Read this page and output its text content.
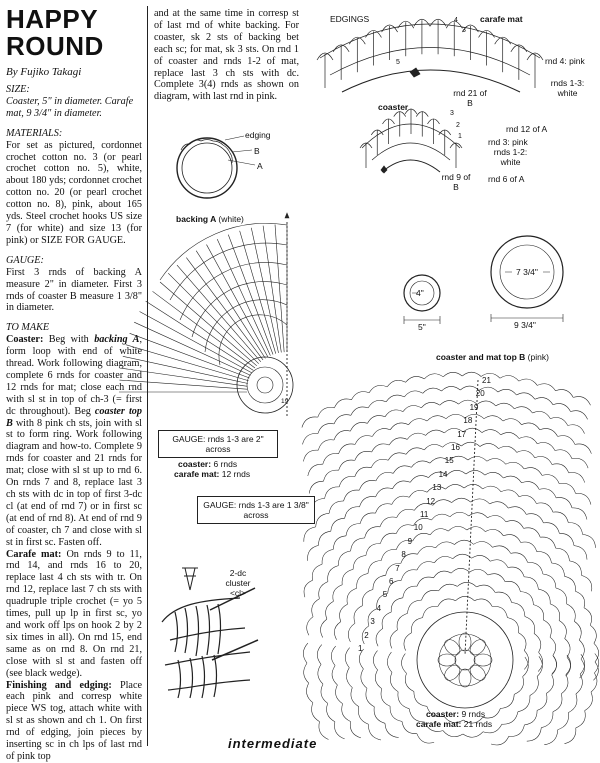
HAPPY
ROUND
By Fujiko Takagi

SIZE:

Coaster, 5" in diameter. Carafe mat, 9 3/4" in diameter.

MATERIALS:

For set as pictured, cordonnet crochet cotton no. 3 (or pearl crochet cotton no. 5), white, about 180 yds; cordonnet crochet cotton no. 20 (or pearl crochet cotton no. 8), pink, about 165 yds. Steel crochet hooks US size 7 (for white) and size 13 (for pink) or SIZE FOR GAUGE.

GAUGE:

First 3 rnds of backing A measure 2" in diameter. First 3 rnds of coaster B measure 1 3/8" in diameter.

TO MAKE

Coaster: Beg with backing A, form loop with end of white thread. Work following diagram, complete 6 rnds for coaster and 12 rnds for mat; close each rnd with sl st in top of ch-3 (= first dc throughout). Beg coaster top B with 8 pink ch sts, join with sl st to form ring. Work following diagram and how-to. Complete 9 rnds for coaster and 21 rnds for mat; close with sl st up to rnd 6. On rnds 7 and 8, replace last 3 ch sts with dc in top of first 3-dc cl (at end of rnd 7) or in first sc (at end of rnd 8). At end of rnd 9 of coaster, ch 7 and close with sl st in first sc. Fasten off.

Carafe mat: On rnds 9 to 11, rnd 14, and rnds 16 to 20, replace last 4 ch sts with tr. On rnd 12, replace last 7 ch sts with quadruple triple crochet (= yo 5 times, pull up lp in first sc, yo and work off lps on hook 2 by 2 six times in all). On rnd 15, end same as on rnd 8. On rnd 21, close with sl st and fasten off (see black wedge).

Finishing and edging: Place each pink and corresp white piece WS tog, attach white with sl st as shown and ch 1. On first rnd of edging, join pieces by inserting sc in ch lps of last rnd of pink top

and at the same time in corresp st of last rnd of white backing. For coaster, sk 2 sts of backing bet each sc; for mat, sk 3 sts. On rnd 1 of coaster and rnds 1-2 of mat, replace last 3 ch sts with dc. Complete 3(4) rnds as shown on diagram, with last rnd in pink.
edging
B
A
backing A (white)
19
GAUGE: rnds 1-3 are 2" across
coaster: 6 rnds
carafe mat: 12 rnds
GAUGE: rnds 1-3 are 1 3/8" across
2-dc cluster <cl>
EDGINGS	carafe mat
4
3
5	rnd 4: pink
rnds 1-3: white
rnd 21 of B
rnd 12 of A
coaster
3
2
1
rnd 3: pink
rnds 1-2: white
rnd 9 of B
rnd 6 of A
4"
5"
7 3/4"
9 3/4"
coaster and mat top B (pink)
21
20
19
18
17
16
15
14
13
12
11
10
9
8
7
6
5
4
3
2
1
coaster: 9 rnds
carafe mat: 21 rnds
intermediate
